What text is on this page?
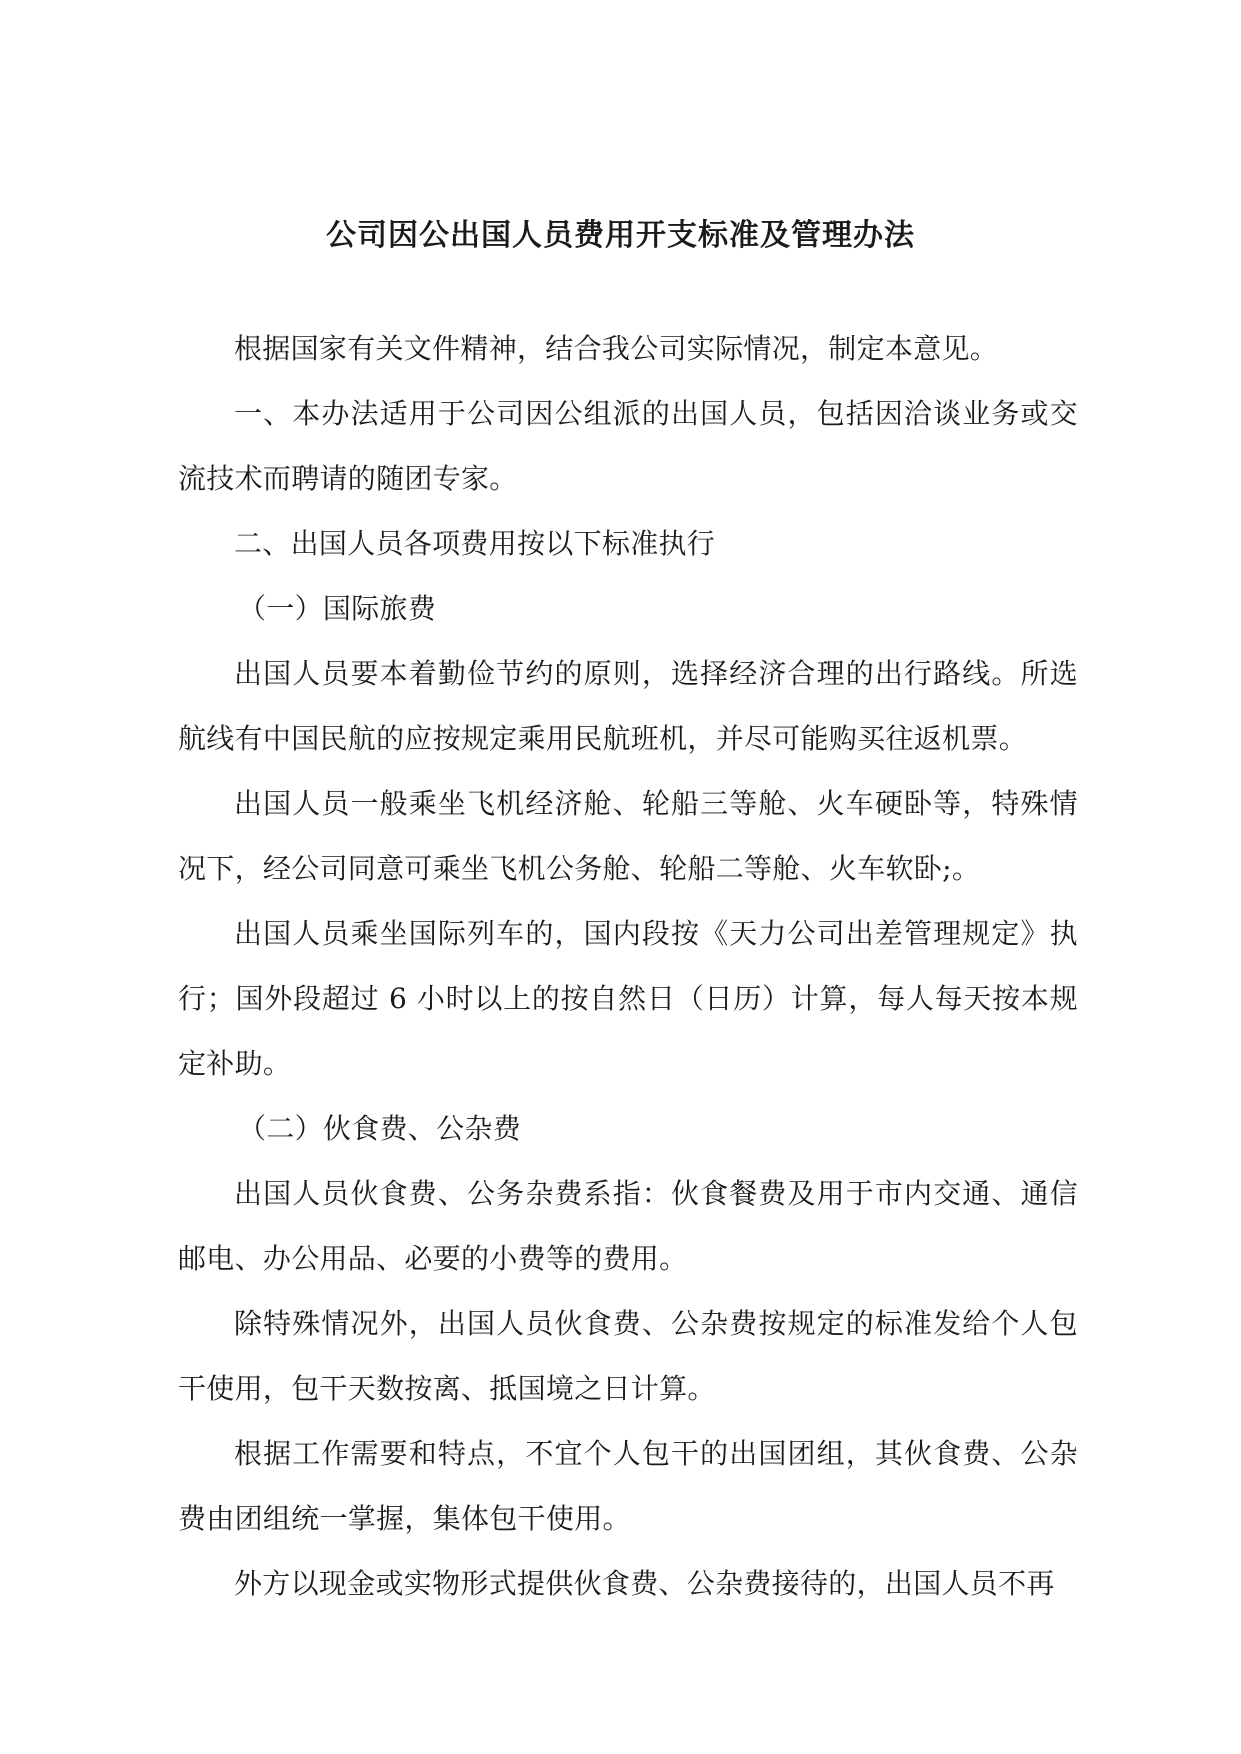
公司因公出国人员费用开支标准及管理办法

根据国家有关文件精神，结合我公司实际情况，制定本意见。

一、本办法适用于公司因公组派的出国人员，包括因洽谈业务或交流技术而聘请的随团专家。

二、出国人员各项费用按以下标准执行

（一）国际旅费

出国人员要本着勤俭节约的原则，选择经济合理的出行路线。所选航线有中国民航的应按规定乘用民航班机，并尽可能购买往返机票。

出国人员一般乘坐飞机经济舱、轮船三等舱、火车硬卧等，特殊情况下，经公司同意可乘坐飞机公务舱、轮船二等舱、火车软卧;。

出国人员乘坐国际列车的，国内段按《天力公司出差管理规定》执行；国外段超过 6 小时以上的按自然日（日历）计算，每人每天按本规定补助。

（二）伙食费、公杂费

出国人员伙食费、公务杂费系指：伙食餐费及用于市内交通、通信邮电、办公用品、必要的小费等的费用。

除特殊情况外，出国人员伙食费、公杂费按规定的标准发给个人包干使用，包干天数按离、抵国境之日计算。

根据工作需要和特点，不宜个人包干的出国团组，其伙食费、公杂费由团组统一掌握，集体包干使用。

外方以现金或实物形式提供伙食费、公杂费接待的，出国人员不再
